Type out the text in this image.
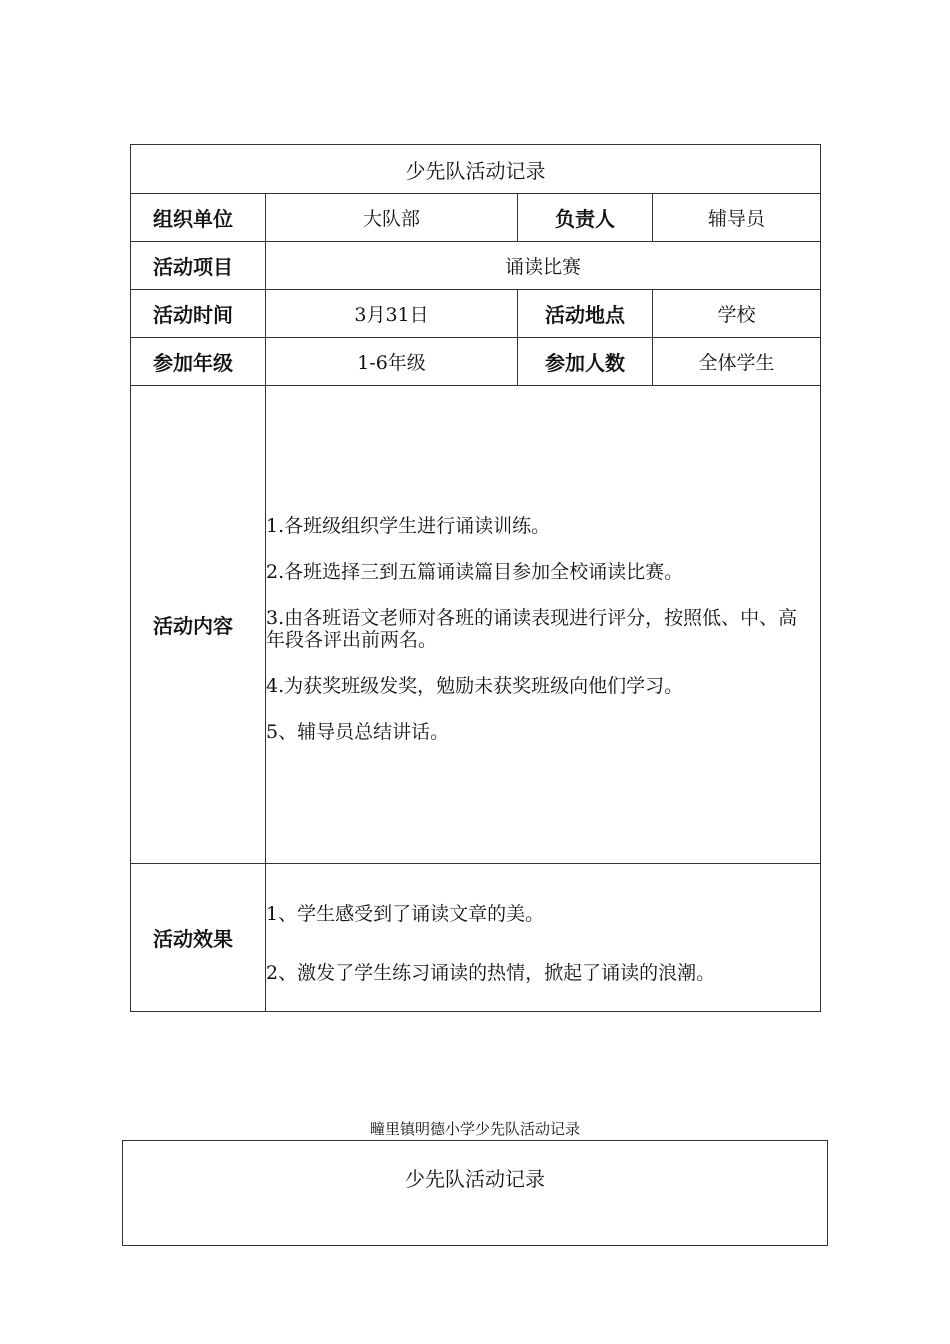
少先队活动记录			
组织单位	大队部	负责人	辅导员
活动项目	诵读比赛		
活动时间	3月31日	活动地点	学校
参加年级	1-6年级	参加人数	全体学生
活动内容	1.各班级组织学生进行诵读训练。

2.各班选择三到五篇诵读篇目参加全校诵读比赛。

3.由各班语文老师对各班的诵读表现进行评分，按照低、中、高年段各评出前两名。

4.为获奖班级发奖，勉励未获奖班级向他们学习。

5、辅导员总结讲话。		

活动效果	1、学生感受到了诵读文章的美。

2、激发了学生练习诵读的热情，掀起了诵读的浪潮。		

疃里镇明德小学少先队活动记录
少先队活动记录
